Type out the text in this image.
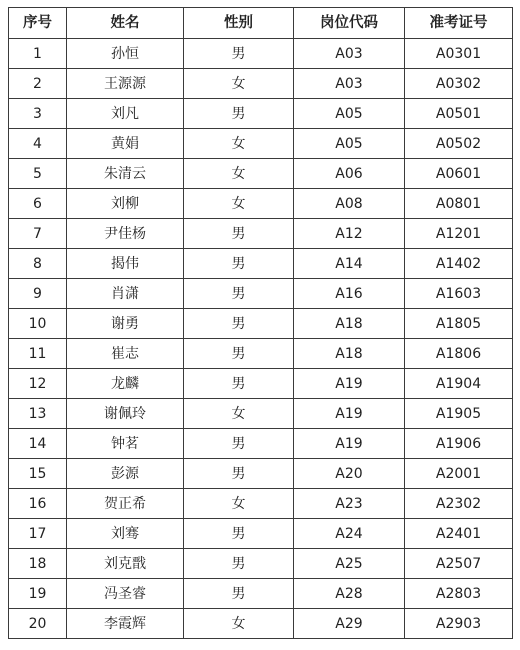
序号	姓名	性别	岗位代码	准考证号
1	孙恒	男	A03	A0301
2	王源源	女	A03	A0302
3	刘凡	男	A05	A0501
4	黄娟	女	A05	A0502
5	朱清云	女	A06	A0601
6	刘柳	女	A08	A0801
7	尹佳杨	男	A12	A1201
8	揭伟	男	A14	A1402
9	肖潇	男	A16	A1603
10	谢勇	男	A18	A1805
11	崔志	男	A18	A1806
12	龙麟	男	A19	A1904
13	谢佩玲	女	A19	A1905
14	钟茗	男	A19	A1906
15	彭源	男	A20	A2001
16	贺正希	女	A23	A2302
17	刘骞	男	A24	A2401
18	刘克戬	男	A25	A2507
19	冯圣睿	男	A28	A2803
20	李霞辉	女	A29	A2903
